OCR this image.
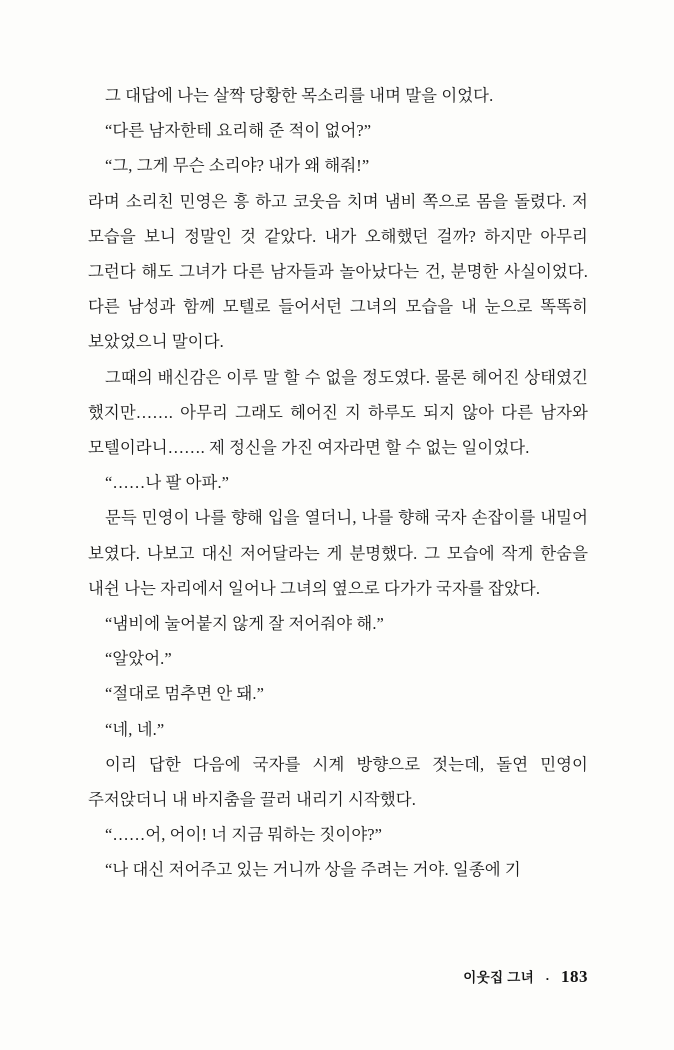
그 대답에 나는 살짝 당황한 목소리를 내며 말을 이었다.

“다른 남자한테 요리해 준 적이 없어?”

“그, 그게 무슨 소리야? 내가 왜 해줘!”

라며 소리친 민영은 흥 하고 코웃음 치며 냄비 쪽으로 몸을 돌렸다. 저 모습을 보니 정말인 것 같았다. 내가 오해했던 걸까? 하지만 아무리 그런다 해도 그녀가 다른 남자들과 놀아났다는 건, 분명한 사실이었다. 다른 남성과 함께 모텔로 들어서던 그녀의 모습을 내 눈으로 똑똑히 보았었으니 말이다.

그때의 배신감은 이루 말 할 수 없을 정도였다. 물론 헤어진 상태였긴 했지만……. 아무리 그래도 헤어진 지 하루도 되지 않아 다른 남자와 모텔이라니……. 제 정신을 가진 여자라면 할 수 없는 일이었다.

“……나 팔 아파.”

문득 민영이 나를 향해 입을 열더니, 나를 향해 국자 손잡이를 내밀어 보였다. 나보고 대신 저어달라는 게 분명했다. 그 모습에 작게 한숨을 내쉰 나는 자리에서 일어나 그녀의 옆으로 다가가 국자를 잡았다.

“냄비에 눌어붙지 않게 잘 저어줘야 해.”

“알았어.”

“절대로 멈추면 안 돼.”

“네, 네.”

이리 답한 다음에 국자를 시계 방향으로 젓는데, 돌연 민영이 주저앉더니 내 바지춤을 끌러 내리기 시작했다.

“……어, 어이! 너 지금 뭐하는 짓이야?”

“나 대신 저어주고 있는 거니까 상을 주려는 거야. 일종에 기

이웃집 그녀 · 183
